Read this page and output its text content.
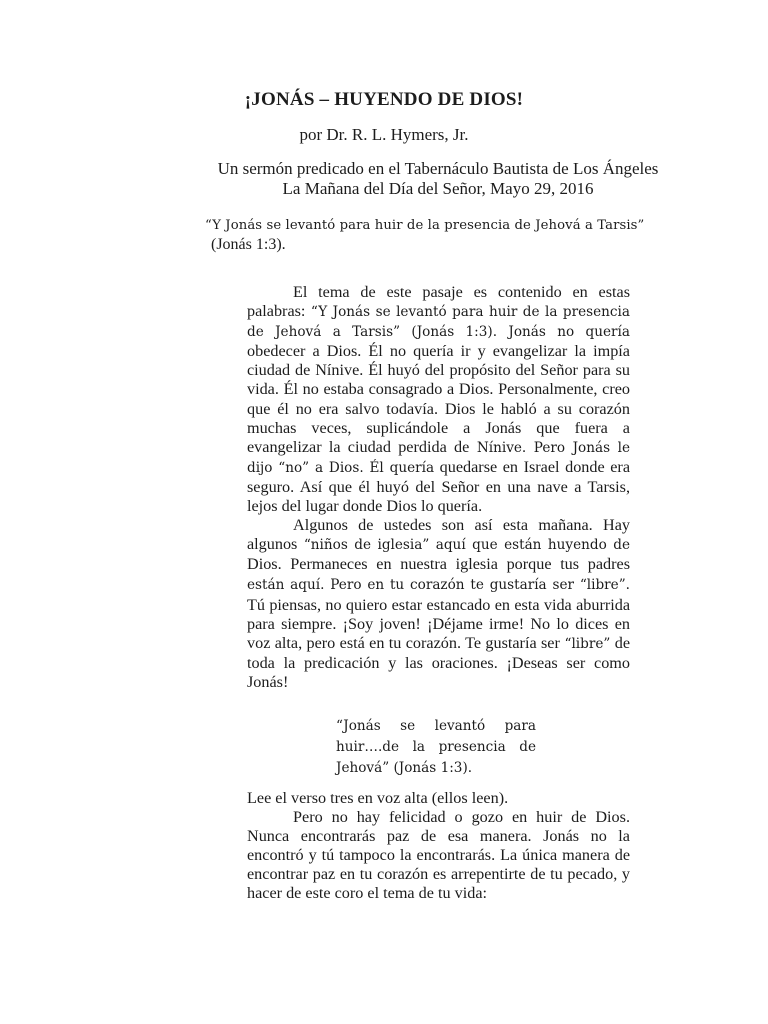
¡JONÁS – HUYENDO DE DIOS!
por Dr. R. L. Hymers, Jr.
Un sermón predicado en el Tabernáculo Bautista de Los Ángeles
La Mañana del Día del Señor, Mayo 29, 2016
“Y Jonás se levantó para huir de la presencia de Jehová a Tarsis”
(Jonás 1:3).

El tema de este pasaje es contenido en estas palabras: “Y Jonás se levantó para huir de la presencia de Jehová a Tarsis” (Jonás 1:3). Jonás no quería obedecer a Dios. Él no quería ir y evangelizar la impía ciudad de Nínive. Él huyó del propósito del Señor para su vida. Él no estaba consagrado a Dios. Personalmente, creo que él no era salvo todavía. Dios le habló a su corazón muchas veces, suplicándole a Jonás que fuera a evangelizar la ciudad perdida de Nínive. Pero Jonás le dijo “no” a Dios. Él quería quedarse en Israel donde era seguro. Así que él huyó del Señor en una nave a Tarsis, lejos del lugar donde Dios lo quería.

Algunos de ustedes son así esta mañana. Hay algunos “niños de iglesia” aquí que están huyendo de Dios. Permaneces en nuestra iglesia porque tus padres están aquí. Pero en tu corazón te gustaría ser “libre”. Tú piensas, no quiero estar estancado en esta vida aburrida para siempre. ¡Soy joven! ¡Déjame irme! No lo dices en voz alta, pero está en tu corazón. Te gustaría ser “libre” de toda la predicación y las oraciones. ¡Deseas ser como Jonás!

“Jonás se levantó para huir….de la presencia de Jehová” (Jonás 1:3).

Lee el verso tres en voz alta (ellos leen).

Pero no hay felicidad o gozo en huir de Dios. Nunca encontrarás paz de esa manera. Jonás no la encontró y tú tampoco la encontrarás. La única manera de encontrar paz en tu corazón es arrepentirte de tu pecado, y hacer de este coro el tema de tu vida:
